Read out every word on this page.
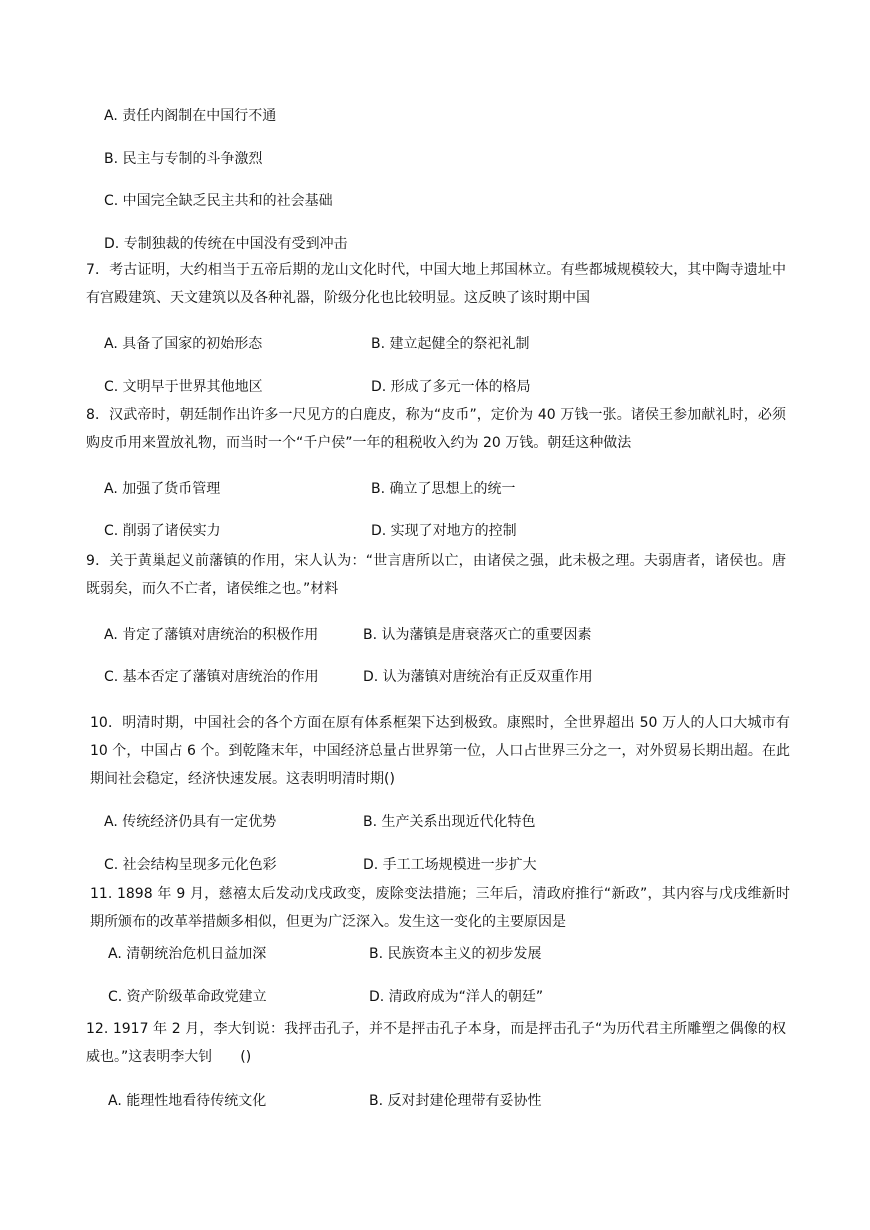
A. 责任内阁制在中国行不通
B. 民主与专制的斗争激烈
C. 中国完全缺乏民主共和的社会基础
D. 专制独裁的传统在中国没有受到冲击
7．考古证明，大约相当于五帝后期的龙山文化时代，中国大地上邦国林立。有些都城规模较大，其中陶寺遗址中有宫殿建筑、天文建筑以及各种礼器，阶级分化也比较明显。这反映了该时期中国
A. 具备了国家的初始形态	B. 建立起健全的祭祀礼制
C. 文明早于世界其他地区	D. 形成了多元一体的格局
8．汉武帝时，朝廷制作出许多一尺见方的白鹿皮，称为“皮币”，定价为 40 万钱一张。诸侯王参加献礼时，必须购皮币用来置放礼物，而当时一个“千户侯”一年的租税收入约为 20 万钱。朝廷这种做法
A. 加强了货币管理	B. 确立了思想上的统一
C. 削弱了诸侯实力	D. 实现了对地方的控制
9．关于黄巢起义前藩镇的作用，宋人认为：“世言唐所以亡，由诸侯之强，此未极之理。夫弱唐者，诸侯也。唐既弱矣，而久不亡者，诸侯维之也。”材料
A. 肯定了藩镇对唐统治的积极作用	B. 认为藩镇是唐衰落灭亡的重要因素
C. 基本否定了藩镇对唐统治的作用	D. 认为藩镇对唐统治有正反双重作用
10．明清时期，中国社会的各个方面在原有体系框架下达到极致。康熙时，全世界超出 50 万人的人口大城市有 10 个，中国占 6 个。到乾隆末年，中国经济总量占世界第一位，人口占世界三分之一，对外贸易长期出超。在此期间社会稳定，经济快速发展。这表明明清时期()
A. 传统经济仍具有一定优势	B. 生产关系出现近代化特色
C. 社会结构呈现多元化色彩	D. 手工工场规模进一步扩大
11. 1898 年 9 月，慈禧太后发动戊戌政变，废除变法措施；三年后，清政府推行“新政”，其内容与戊戌维新时期所颁布的改革举措颇多相似，但更为广泛深入。发生这一变化的主要原因是
A. 清朝统治危机日益加深	B. 民族资本主义的初步发展
C. 资产阶级革命政党建立	D. 清政府成为“洋人的朝廷”
12. 1917 年 2 月，李大钊说：我抨击孔子，并不是抨击孔子本身，而是抨击孔子“为历代君主所雕塑之偶像的权威也。”这表明李大钊　　()
A. 能理性地看待传统文化	B. 反对封建伦理带有妥协性
